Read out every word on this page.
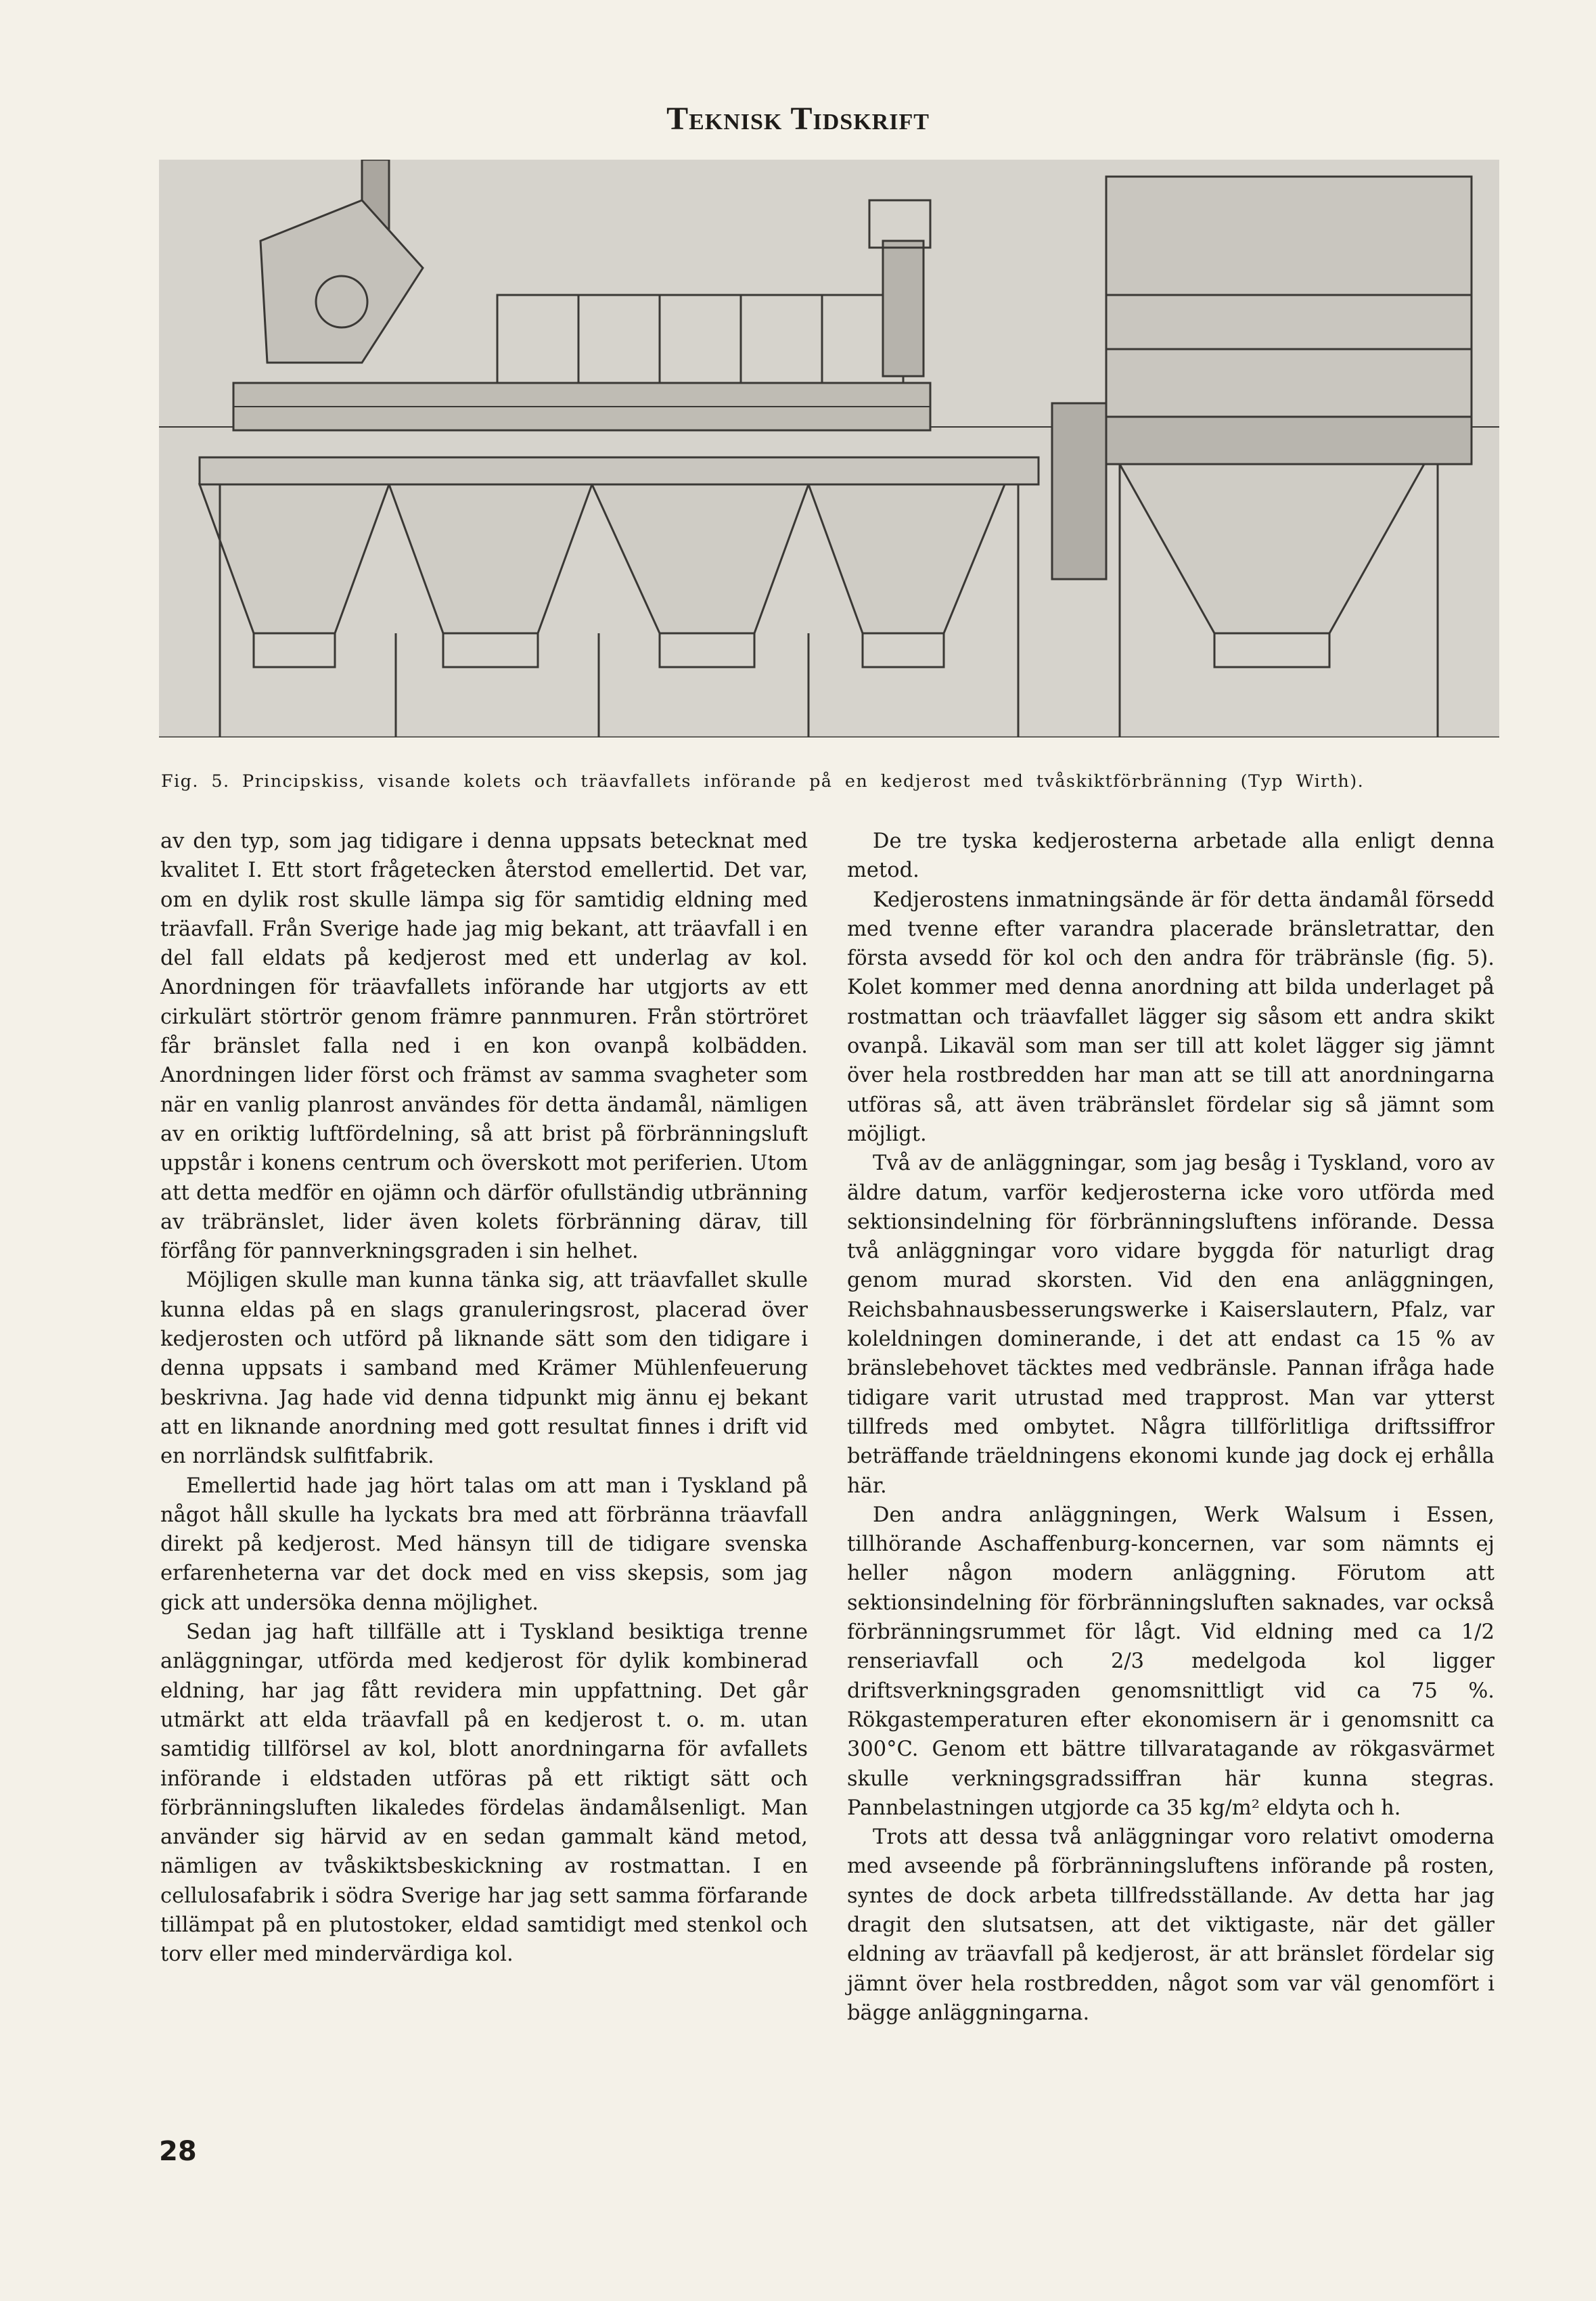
Teknisk Tidskrift
Fig. 5. Principskiss, visande kolets och träavfallets införande på en kedjerost med tvåskiktförbränning (Typ Wirth).

av den typ, som jag tidigare i denna uppsats betecknat med kvalitet I. Ett stort frågetecken återstod emellertid. Det var, om en dylik rost skulle lämpa sig för samtidig eldning med träavfall. Från Sverige hade jag mig bekant, att träavfall i en del fall eldats på kedjerost med ett underlag av kol. Anordningen för träavfallets införande har utgjorts av ett cirkulärt störtrör genom främre pannmuren. Från störtröret får bränslet falla ned i en kon ovanpå kolbädden. Anordningen lider först och främst av samma svagheter som när en vanlig planrost användes för detta ändamål, nämligen av en oriktig luftfördelning, så att brist på förbränningsluft uppstår i konens centrum och överskott mot periferien. Utom att detta medför en ojämn och därför ofullständig utbränning av träbränslet, lider även kolets förbränning därav, till förfång för pannverkningsgraden i sin helhet.

Möjligen skulle man kunna tänka sig, att träavfallet skulle kunna eldas på en slags granuleringsrost, placerad över kedjerosten och utförd på liknande sätt som den tidigare i denna uppsats i samband med Krämer Mühlenfeuerung beskrivna. Jag hade vid denna tidpunkt mig ännu ej bekant att en liknande anordning med gott resultat finnes i drift vid en norrländsk sulfitfabrik.

Emellertid hade jag hört talas om att man i Tyskland på något håll skulle ha lyckats bra med att förbränna träavfall direkt på kedjerost. Med hänsyn till de tidigare svenska erfarenheterna var det dock med en viss skepsis, som jag gick att undersöka denna möjlighet.

Sedan jag haft tillfälle att i Tyskland besiktiga trenne anläggningar, utförda med kedjerost för dylik kombinerad eldning, har jag fått revidera min uppfattning. Det går utmärkt att elda träavfall på en kedjerost t. o. m. utan samtidig tillförsel av kol, blott anordningarna för avfallets införande i eldstaden utföras på ett riktigt sätt och förbränningsluften likaledes fördelas ändamålsenligt. Man använder sig härvid av en sedan gammalt känd metod, nämligen av tvåskiktsbeskickning av rostmattan. I en cellulosafabrik i södra Sverige har jag sett samma förfarande tillämpat på en plutostoker, eldad samtidigt med stenkol och torv eller med mindervärdiga kol.

De tre tyska kedjerosterna arbetade alla enligt denna metod.

Kedjerostens inmatningsände är för detta ändamål försedd med tvenne efter varandra placerade bränsletrattar, den första avsedd för kol och den andra för träbränsle (fig. 5). Kolet kommer med denna anordning att bilda underlaget på rostmattan och träavfallet lägger sig såsom ett andra skikt ovanpå. Likaväl som man ser till att kolet lägger sig jämnt över hela rostbredden har man att se till att anordningarna utföras så, att även träbränslet fördelar sig så jämnt som möjligt.

Två av de anläggningar, som jag besåg i Tyskland, voro av äldre datum, varför kedjerosterna icke voro utförda med sektionsindelning för förbränningsluftens införande. Dessa två anläggningar voro vidare byggda för naturligt drag genom murad skorsten. Vid den ena anläggningen, Reichsbahnausbesserungswerke i Kaiserslautern, Pfalz, var koleldningen dominerande, i det att endast ca 15 % av bränslebehovet täcktes med vedbränsle. Pannan ifråga hade tidigare varit utrustad med trapprost. Man var ytterst tillfreds med ombytet. Några tillförlitliga driftssiffror beträffande träeldningens ekonomi kunde jag dock ej erhålla här.

Den andra anläggningen, Werk Walsum i Essen, tillhörande Aschaffenburg-koncernen, var som nämnts ej heller någon modern anläggning. Förutom att sektionsindelning för förbränningsluften saknades, var också förbränningsrummet för lågt. Vid eldning med ca 1/2 renseriavfall och 2/3 medelgoda kol ligger driftsverkningsgraden genomsnittligt vid ca 75 %. Rökgastemperaturen efter ekonomisern är i genomsnitt ca 300°C. Genom ett bättre tillvaratagande av rökgasvärmet skulle verkningsgradssiffran här kunna stegras. Pannbelastningen utgjorde ca 35 kg/m² eldyta och h.

Trots att dessa två anläggningar voro relativt omoderna med avseende på förbränningsluftens införande på rosten, syntes de dock arbeta tillfredsställande. Av detta har jag dragit den slutsatsen, att det viktigaste, när det gäller eldning av träavfall på kedjerost, är att bränslet fördelar sig jämnt över hela rostbredden, något som var väl genomfört i bägge anläggningarna.

28
